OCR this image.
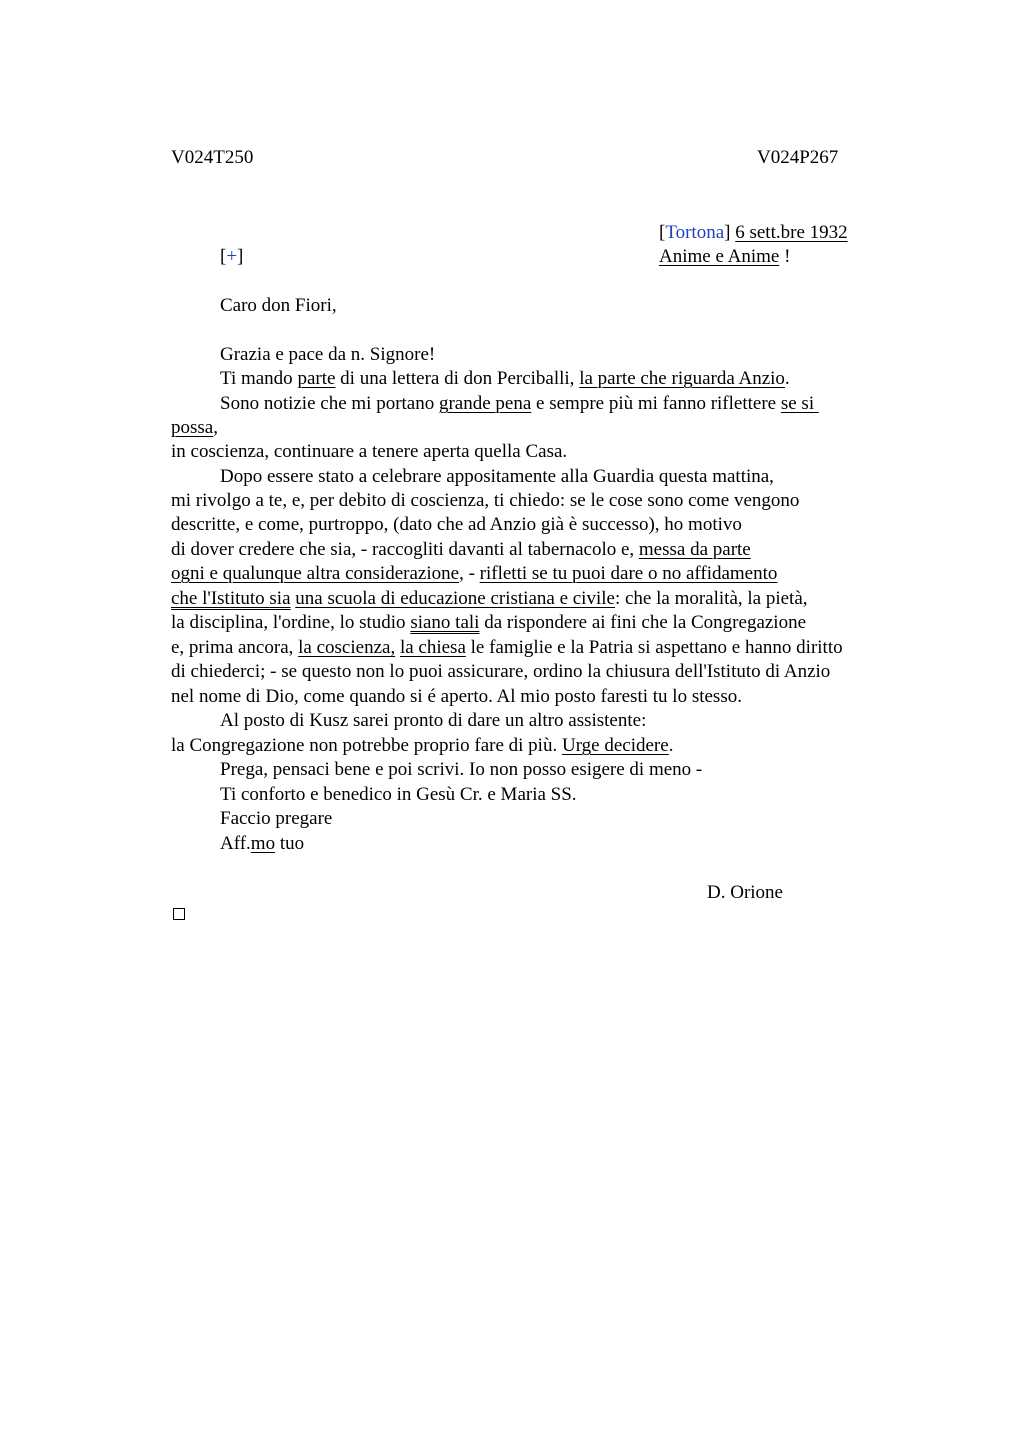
V024T250	V024P267
[Tortona] 6 sett.bre 1932
[+]	Anime e Anime !
Caro don Fiori,
Grazia e pace da n. Signore!
Ti mando parte di una lettera di don Perciballi, la parte che riguarda Anzio.
Sono notizie che mi portano grande pena e sempre più mi fanno riflettere se si
possa,
in coscienza, continuare a tenere aperta quella Casa.
Dopo essere stato a celebrare appositamente alla Guardia questa mattina,
mi rivolgo a te, e, per debito di coscienza, ti chiedo: se le cose sono come vengono
descritte, e come, purtroppo, (dato che ad Anzio già è successo), ho motivo
di dover credere che sia, - raccogliti davanti al tabernacolo e, messa da parte
ogni e qualunque altra considerazione, - rifletti se tu puoi dare o no affidamento
che l'Istituto sia una scuola di educazione cristiana e civile: che la moralità, la pietà,
la disciplina, l'ordine, lo studio siano tali da rispondere ai fini che la Congregazione
e, prima ancora, la coscienza, la chiesa le famiglie e la Patria si aspettano e hanno diritto
di chiederci; - se questo non lo puoi assicurare, ordino la chiusura dell'Istituto di Anzio
nel nome di Dio, come quando si é aperto. Al mio posto faresti tu lo stesso.
Al posto di Kusz sarei pronto di dare un altro assistente:
la Congregazione non potrebbe proprio fare di più. Urge decidere.
Prega, pensaci bene e poi scrivi. Io non posso esigere di meno -
Ti conforto e benedico in Gesù Cr. e Maria SS.
Faccio pregare
Aff.mo tuo
D. Orione
